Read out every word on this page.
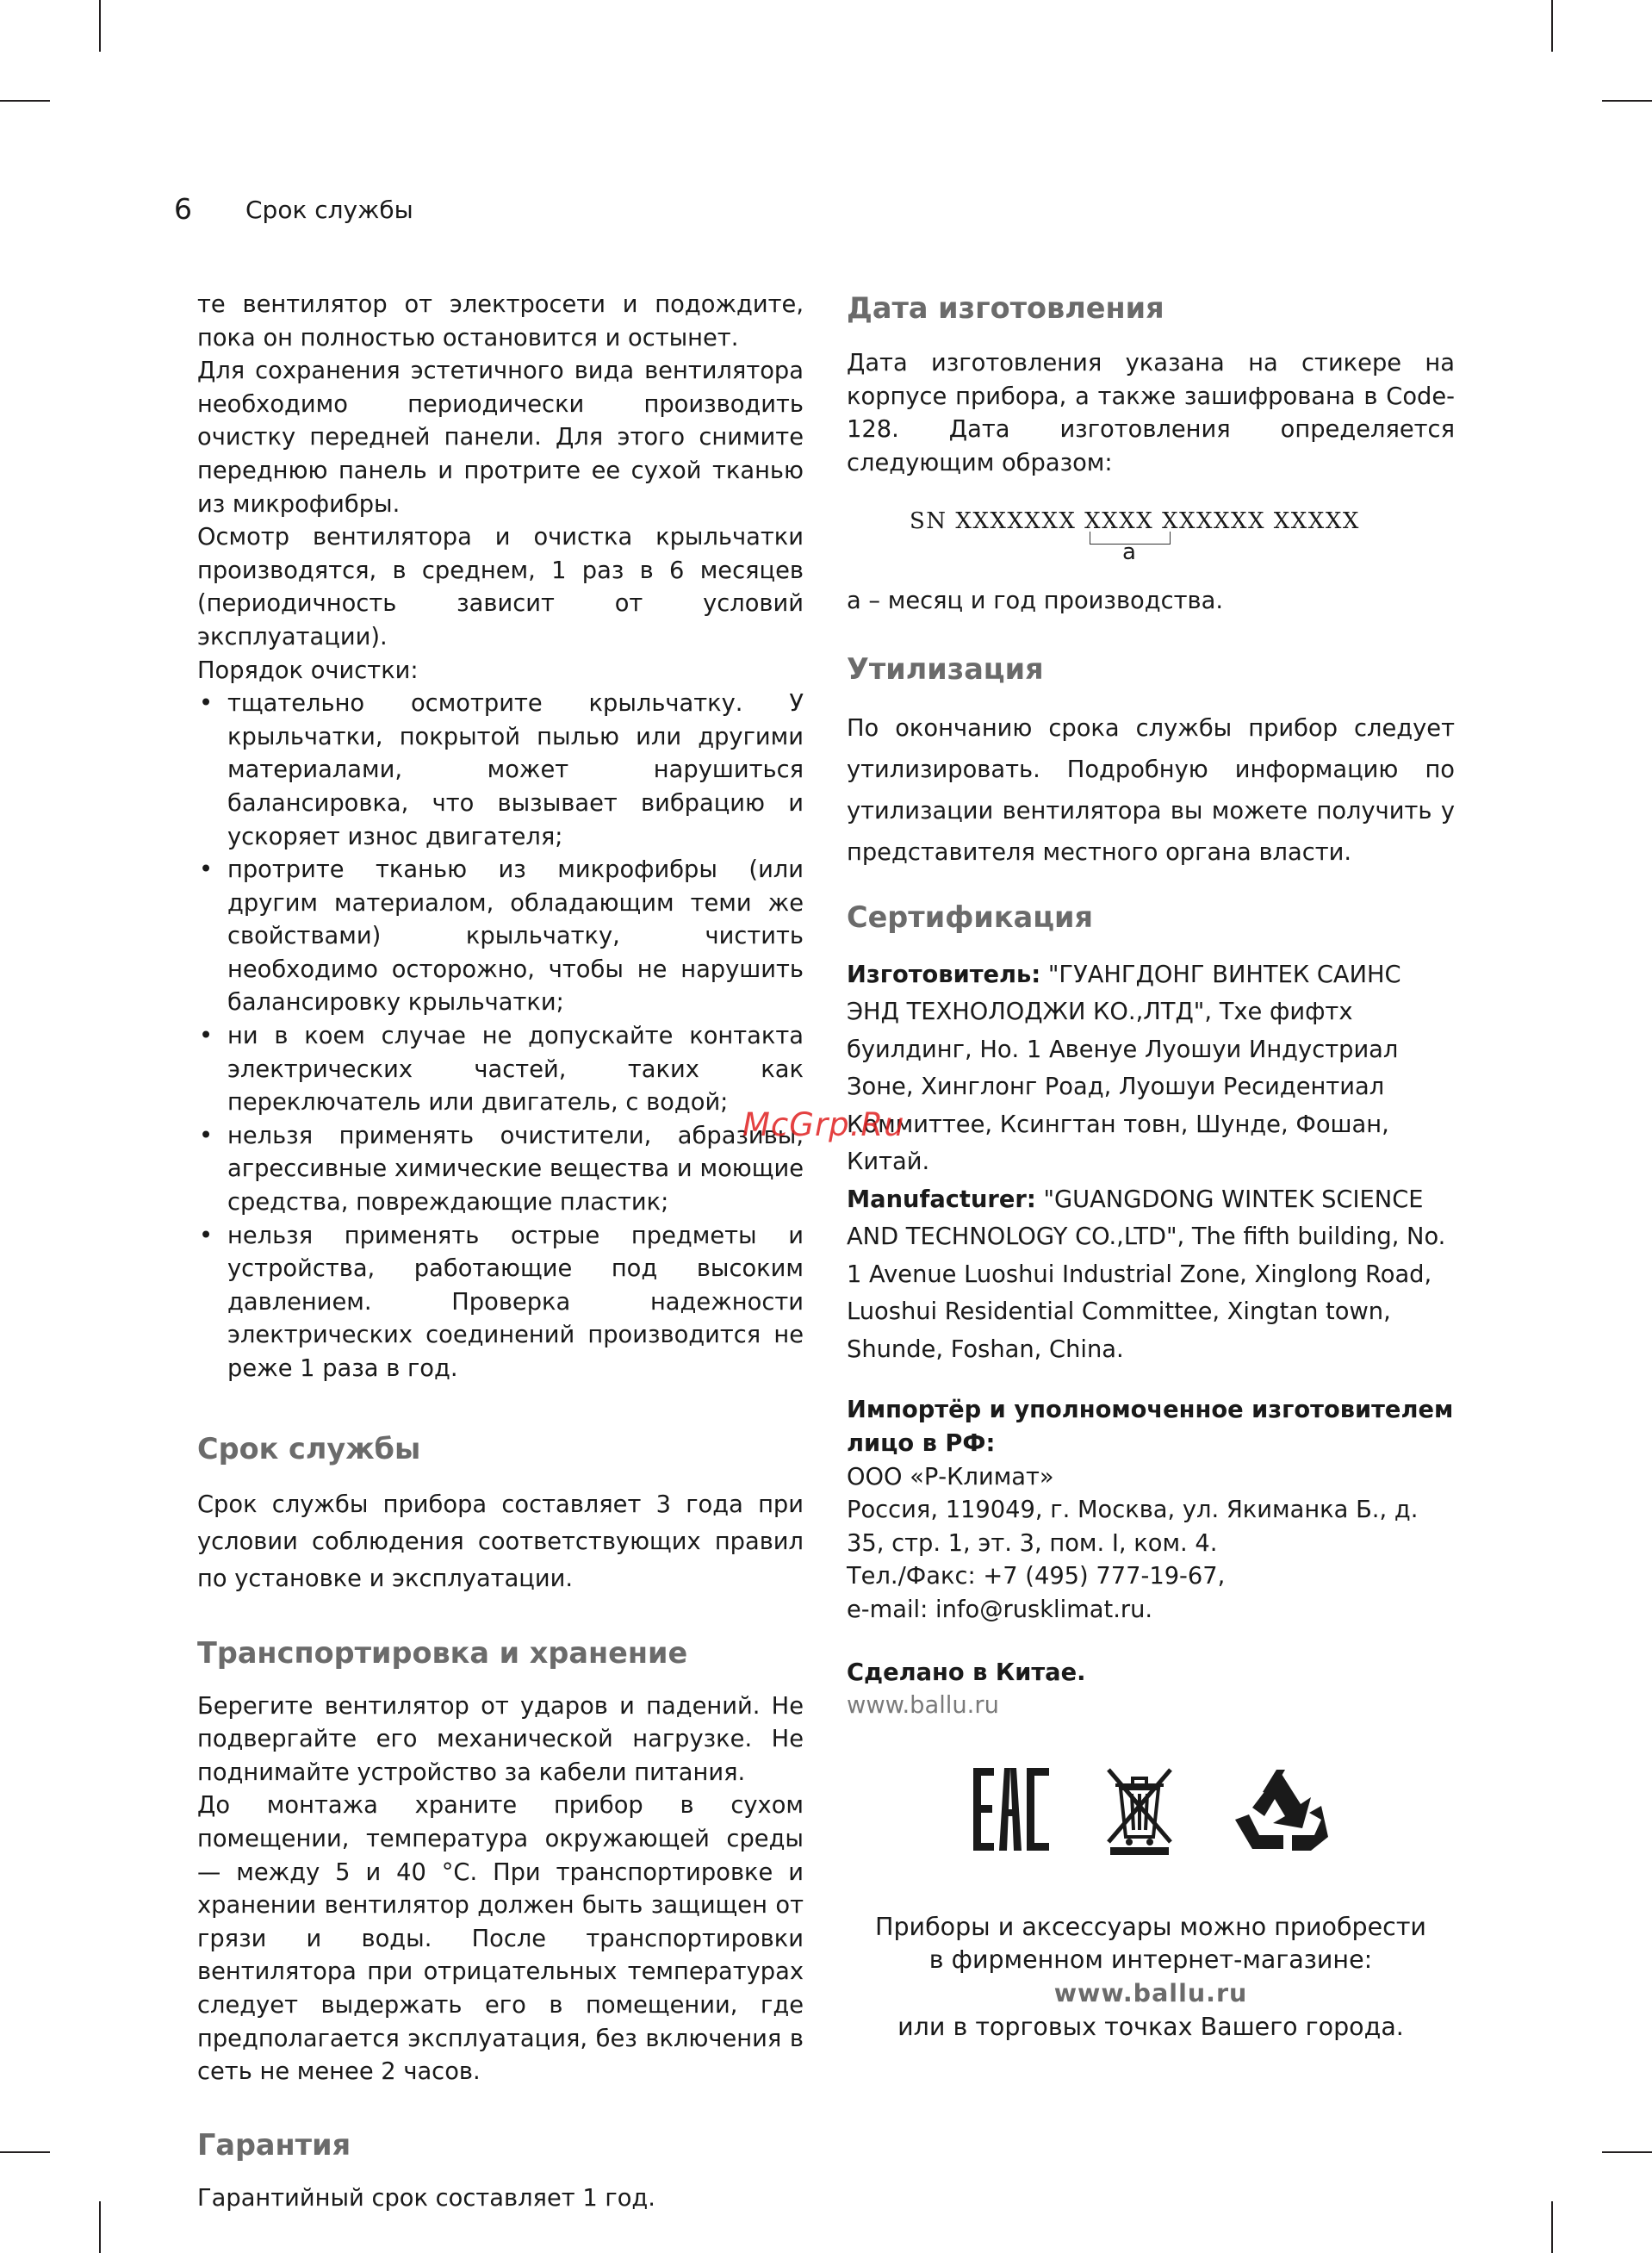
6 Срок службы

те вентилятор от электросети и подождите, пока он полностью остановится и остынет.

Для сохранения эстетичного вида вентилятора необходимо периодически производить очистку передней панели. Для этого снимите переднюю панель и протрите ее сухой тканью из микрофибры.

Осмотр вентилятора и очистка крыльчатки производятся, в среднем, 1 раз в 6 месяцев (периодичность зависит от условий эксплуатации).

Порядок очистки:

• тщательно осмотрите крыльчатку. У крыльчатки, покрытой пылью или другими материалами, может нарушиться балансировка, что вызывает вибрацию и ускоряет износ двигателя;
• протрите тканью из микрофибры (или другим материалом, обладающим теми же свойствами) крыльчатку, чистить необходимо осторожно, чтобы не нарушить балансировку крыльчатки;
• ни в коем случае не допускайте контакта электрических частей, таких как переключатель или двигатель, с водой;
• нельзя применять очистители, абразивы, агрессивные химические вещества и моющие средства, повреждающие пластик;
• нельзя применять острые предметы и устройства, работающие под высоким давлением. Проверка надежности электрических соединений производится не реже 1 раза в год.
Срок службы

Срок службы прибора составляет 3 года при условии соблюдения соответствующих правил по установке и эксплуатации.

Транспортировка и хранение

Берегите вентилятор от ударов и падений. Не подвергайте его механической нагрузке. Не поднимайте устройство за кабели питания.

До монтажа храните прибор в сухом помещении, температура окружающей среды — между 5 и 40 °С. При транспортировке и хранении вентилятор должен быть защищен от грязи и воды. После транспортировки вентилятора при отрицательных температурах следует выдержать его в помещении, где предполагается эксплуатация, без включения в сеть не менее 2 часов.

Гарантия

Гарантийный срок составляет 1 год.

Дата изготовления

Дата изготовления указана на стикере на корпусе прибора, а также зашифрована в Code-128. Дата изготовления определяется следующим образом:

SN XXXXXXX XXXX XXXXXX XXXXX
a

а – месяц и год производства.

Утилизация

По окончанию срока службы прибор следует утилизировать. Подробную информацию по утилизации вентилятора вы можете получить у представителя местного органа власти.

Сертификация

Изготовитель: "ГУАНГДОНГ ВИНТЕК САИНС ЭНД ТЕХНОЛОДЖИ КО.,ЛТД", Тхе фифтх буилдинг, Но. 1 Авенуе Луошуи Индустриал Зоне, Хинглонг Роад, Луошуи Ресидентиал Коммиттее, Ксингтан товн, Шунде, Фошан, Китай.

Manufacturer: "GUANGDONG WINTEK SCIENCE AND TECHNOLOGY CO.,LTD", The fifth building, No. 1 Avenue Luoshui Industrial Zone, Xinglong Road, Luoshui Residential Committee, Xingtan town, Shunde, Foshan, China.

Импортёр и уполномоченное изготовителем лицо в РФ:

ООО «Р-Климат»

Россия, 119049, г. Москва, ул. Якиманка Б., д. 35, стр. 1, эт. 3, пом. I, ком. 4.

Тел./Факс: +7 (495) 777-19-67,

e-mail: info@rusklimat.ru.

Сделано в Китае.

www.ballu.ru

Приборы и аксессуары можно приобрести

в фирменном интернет-магазине:

www.ballu.ru

или в торговых точках Вашего города.

McGrp.Ru
